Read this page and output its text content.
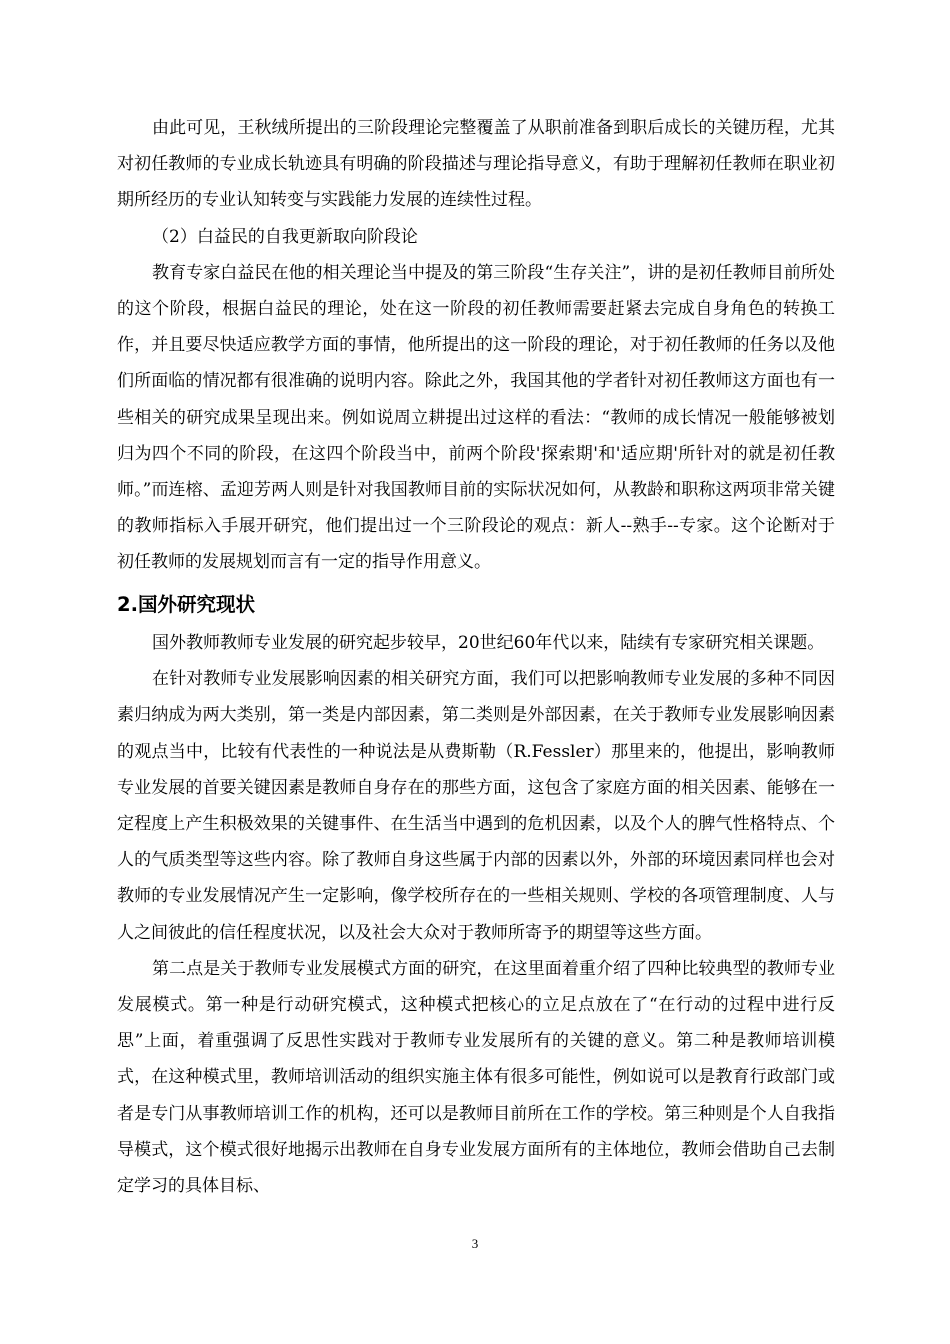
由此可见，王秋绒所提出的三阶段理论完整覆盖了从职前准备到职后成长的关键历程，尤其对初任教师的专业成长轨迹具有明确的阶段描述与理论指导意义，有助于理解初任教师在职业初期所经历的专业认知转变与实践能力发展的连续性过程。

（2）白益民的自我更新取向阶段论

教育专家白益民在他的相关理论当中提及的第三阶段“生存关注”，讲的是初任教师目前所处的这个阶段，根据白益民的理论，处在这一阶段的初任教师需要赶紧去完成自身角色的转换工作，并且要尽快适应教学方面的事情，他所提出的这一阶段的理论，对于初任教师的任务以及他们所面临的情况都有很准确的说明内容。除此之外，我国其他的学者针对初任教师这方面也有一些相关的研究成果呈现出来。例如说周立耕提出过这样的看法：“教师的成长情况一般能够被划归为四个不同的阶段，在这四个阶段当中，前两个阶段'探索期'和'适应期'所针对的就是初任教师。”而连榕、孟迎芳两人则是针对我国教师目前的实际状况如何，从教龄和职称这两项非常关键的教师指标入手展开研究，他们提出过一个三阶段论的观点：新人--熟手--专家。这个论断对于初任教师的发展规划而言有一定的指导作用意义。

2.国外研究现状

国外教师教师专业发展的研究起步较早，20世纪60年代以来，陆续有专家研究相关课题。

在针对教师专业发展影响因素的相关研究方面，我们可以把影响教师专业发展的多种不同因素归纳成为两大类别，第一类是内部因素，第二类则是外部因素，在关于教师专业发展影响因素的观点当中，比较有代表性的一种说法是从费斯勒（R.Fessler）那里来的，他提出，影响教师专业发展的首要关键因素是教师自身存在的那些方面，这包含了家庭方面的相关因素、能够在一定程度上产生积极效果的关键事件、在生活当中遇到的危机因素，以及个人的脾气性格特点、个人的气质类型等这些内容。除了教师自身这些属于内部的因素以外，外部的环境因素同样也会对教师的专业发展情况产生一定影响，像学校所存在的一些相关规则、学校的各项管理制度、人与人之间彼此的信任程度状况，以及社会大众对于教师所寄予的期望等这些方面。

第二点是关于教师专业发展模式方面的研究，在这里面着重介绍了四种比较典型的教师专业发展模式。第一种是行动研究模式，这种模式把核心的立足点放在了“在行动的过程中进行反思”上面，着重强调了反思性实践对于教师专业发展所有的关键的意义。第二种是教师培训模式，在这种模式里，教师培训活动的组织实施主体有很多可能性，例如说可以是教育行政部门或者是专门从事教师培训工作的机构，还可以是教师目前所在工作的学校。第三种则是个人自我指导模式，这个模式很好地揭示出教师在自身专业发展方面所有的主体地位，教师会借助自己去制定学习的具体目标、

3
